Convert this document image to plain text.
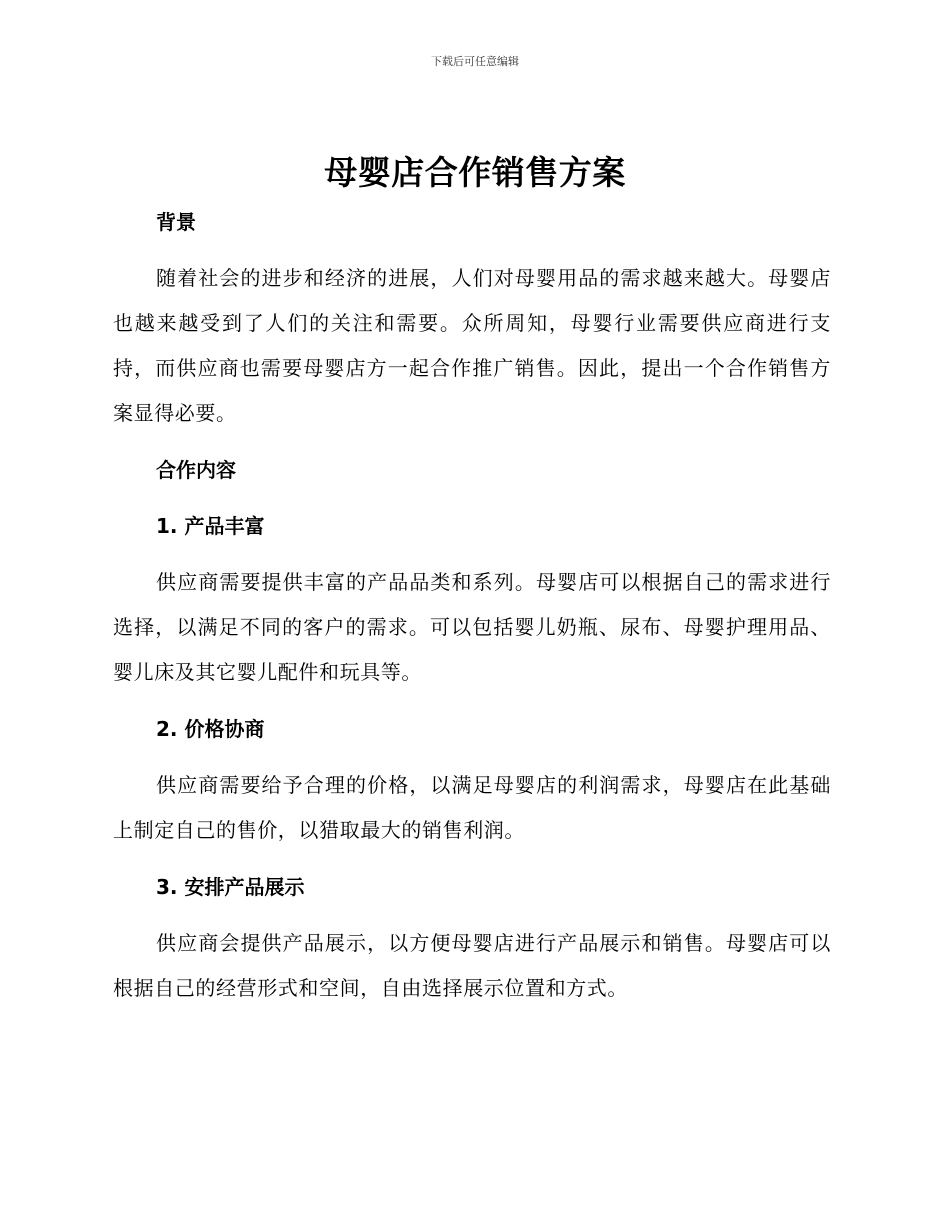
下载后可任意编辑
母婴店合作销售方案

背景

随着社会的进步和经济的进展，人们对母婴用品的需求越来越大。母婴店也越来越受到了人们的关注和需要。众所周知，母婴行业需要供应商进行支持，而供应商也需要母婴店方一起合作推广销售。因此，提出一个合作销售方案显得必要。

合作内容

1. 产品丰富

供应商需要提供丰富的产品品类和系列。母婴店可以根据自己的需求进行选择，以满足不同的客户的需求。可以包括婴儿奶瓶、尿布、母婴护理用品、婴儿床及其它婴儿配件和玩具等。

2. 价格协商

供应商需要给予合理的价格，以满足母婴店的利润需求，母婴店在此基础上制定自己的售价，以猎取最大的销售利润。

3. 安排产品展示

供应商会提供产品展示，以方便母婴店进行产品展示和销售。母婴店可以根据自己的经营形式和空间，自由选择展示位置和方式。
